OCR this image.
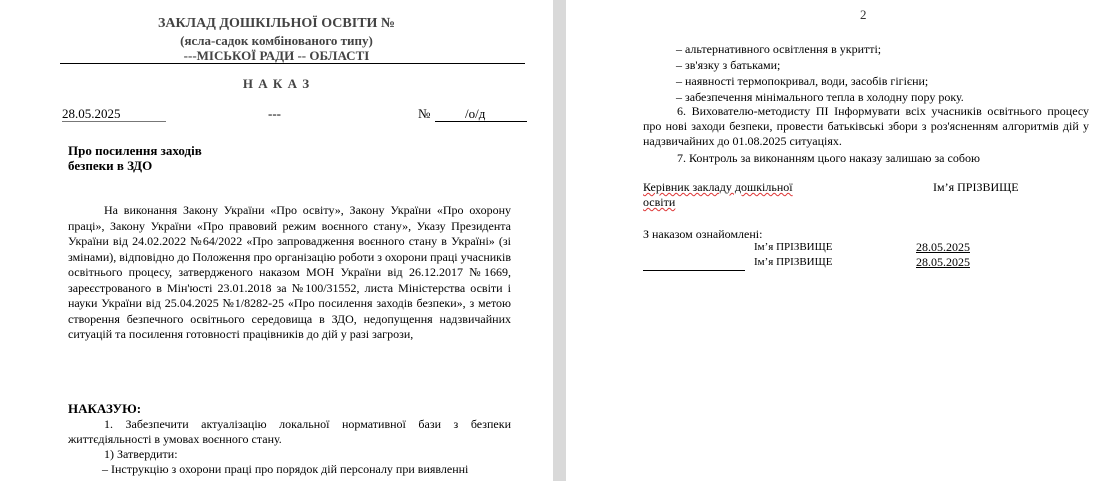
ЗАКЛАД ДОШКІЛЬНОЇ ОСВІТИ №
(ясла-садок комбінованого типу)
---МІСЬКОЇ РАДИ -- ОБЛАСТІ
Н А К А З
28.05.2025	---	№	/о/д
Про посилення заходів
безпеки в ЗДО
На виконання Закону України «Про освіту», Закону України «Про охорону праці», Закону України «Про правовий режим воєнного стану», Указу Президента України від 24.02.2022 №64/2022 «Про запровадження воєнного стану в Україні» (зі змінами), відповідно до Положення про організацію роботи з охорони праці учасників освітнього процесу, затвердженого наказом МОН України від 26.12.2017 №1669, зареєстрованого в Мін'юсті 23.01.2018 за №100/31552, листа Міністерства освіти і науки України від 25.04.2025 №1/8282-25 «Про посилення заходів безпеки», з метою створення безпечного освітнього середовища в ЗДО, недопущення надзвичайних ситуацій та посилення готовності працівників до дій у разі загрози,
НАКАЗУЮ:
1. Забезпечити актуалізацію локальної нормативної бази з безпеки життєдіяльності в умовах воєнного стану.
1) Затвердити:
– Інструкцію з охорони праці про порядок дій персоналу при виявленні
2
– альтернативного освітлення в укритті;
– зв'язку з батьками;
– наявності термопокривал, води, засобів гігієни;
– забезпечення мінімального тепла в холодну пору року.
6. Вихователю-методисту ПІ Інформувати всіх учасників освітнього процесу про нові заходи безпеки, провести батьківські збори з роз'ясненням алгоритмів дій у надзвичайних до 01.08.2025 ситуаціях.
7. Контроль за виконанням цього наказу залишаю за собою
Керівник закладу дошкільної
освіти
Ім’я ПРІЗВИЩЕ
З наказом ознайомлені:
Ім’я ПРІЗВИЩЕ	28.05.2025
Ім’я ПРІЗВИЩЕ	28.05.2025
